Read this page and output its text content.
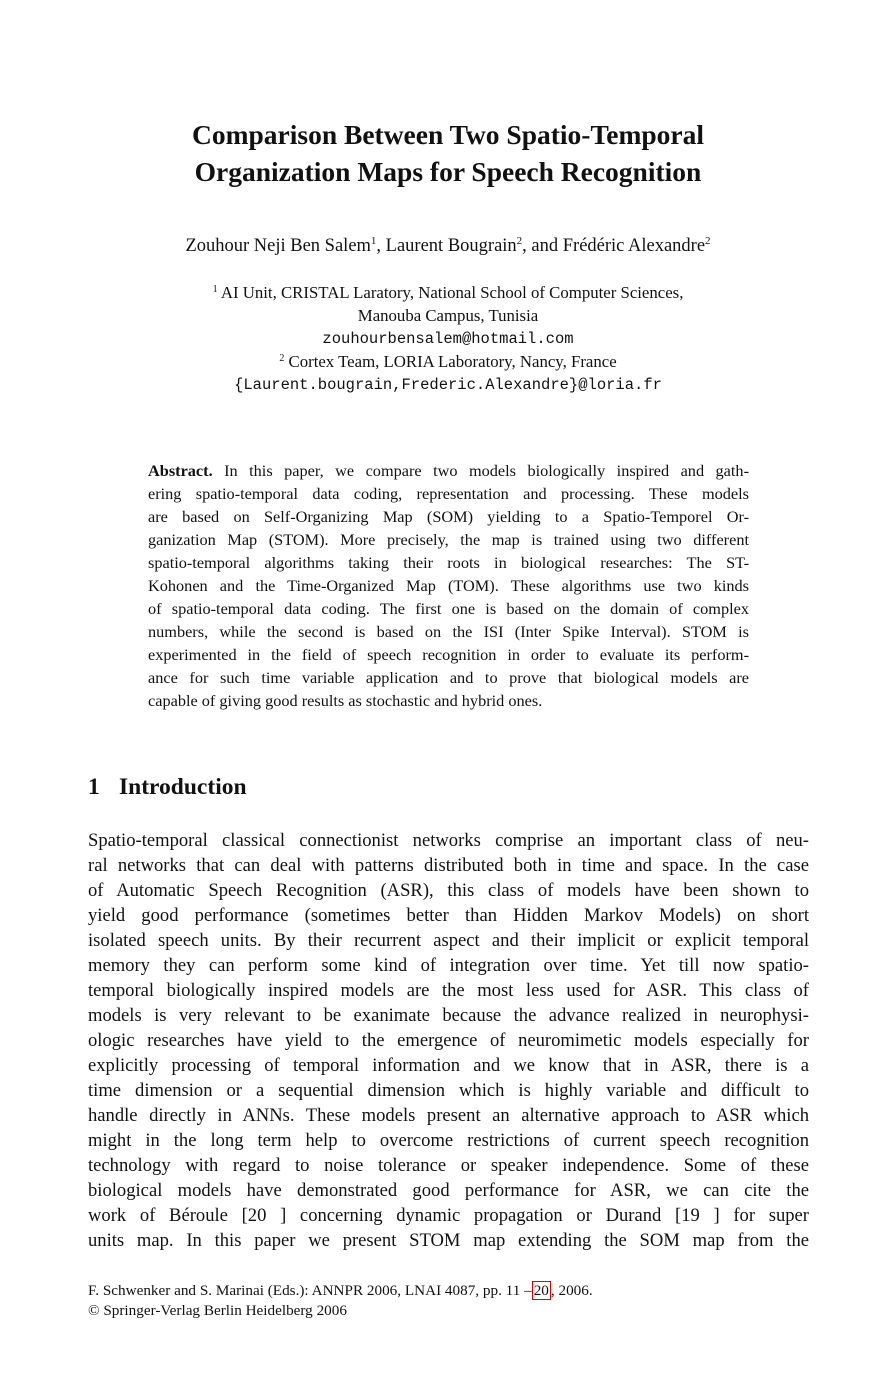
Comparison Between Two Spatio-Temporal
Organization Maps for Speech Recognition
Zouhour Neji Ben Salem$^1$, Laurent Bougrain$^2$, and Frédéric Alexandre$^2$
$^1$ AI Unit, CRISTAL Laratory, National School of Computer Sciences,
Manouba Campus, Tunisia
zouhourbensalem@hotmail.com
$^2$ Cortex Team, LORIA Laboratory, Nancy, France
{Laurent.bougrain,Frederic.Alexandre}@loria.fr
Abstract. In this paper, we compare two models biologically inspired and gath-
ering spatio-temporal data coding, representation and processing. These models
are based on Self-Organizing Map (SOM) yielding to a Spatio-Temporel Or-
ganization Map (STOM). More precisely, the map is trained using two different
spatio-temporal algorithms taking their roots in biological researches: The ST-
Kohonen and the Time-Organized Map (TOM). These algorithms use two kinds
of spatio-temporal data coding. The first one is based on the domain of complex
numbers, while the second is based on the ISI (Inter Spike Interval). STOM is
experimented in the field of speech recognition in order to evaluate its perform-
ance for such time variable application and to prove that biological models are
capable of giving good results as stochastic and hybrid ones.
1 Introduction
Spatio-temporal classical connectionist networks comprise an important class of neu-
ral networks that can deal with patterns distributed both in time and space. In the case
of Automatic Speech Recognition (ASR), this class of models have been shown to
yield good performance (sometimes better than Hidden Markov Models) on short
isolated speech units. By their recurrent aspect and their implicit or explicit temporal
memory they can perform some kind of integration over time. Yet till now spatio-
temporal biologically inspired models are the most less used for ASR. This class of
models is very relevant to be exanimate because the advance realized in neurophysi-
ologic researches have yield to the emergence of neuromimetic models especially for
explicitly processing of temporal information and we know that in ASR, there is a
time dimension or a sequential dimension which is highly variable and difficult to
handle directly in ANNs. These models present an alternative approach to ASR which
might in the long term help to overcome restrictions of current speech recognition
technology with regard to noise tolerance or speaker independence. Some of these
biological models have demonstrated good performance for ASR, we can cite the
work of Béroule [20 ] concerning dynamic propagation or Durand [19 ] for super
units map. In this paper we present STOM map extending the SOM map from the
F. Schwenker and S. Marinai (Eds.): ANNPR 2006, LNAI 4087, pp. 11 – 20 , 2006.
© Springer-Verlag Berlin Heidelberg 2006
